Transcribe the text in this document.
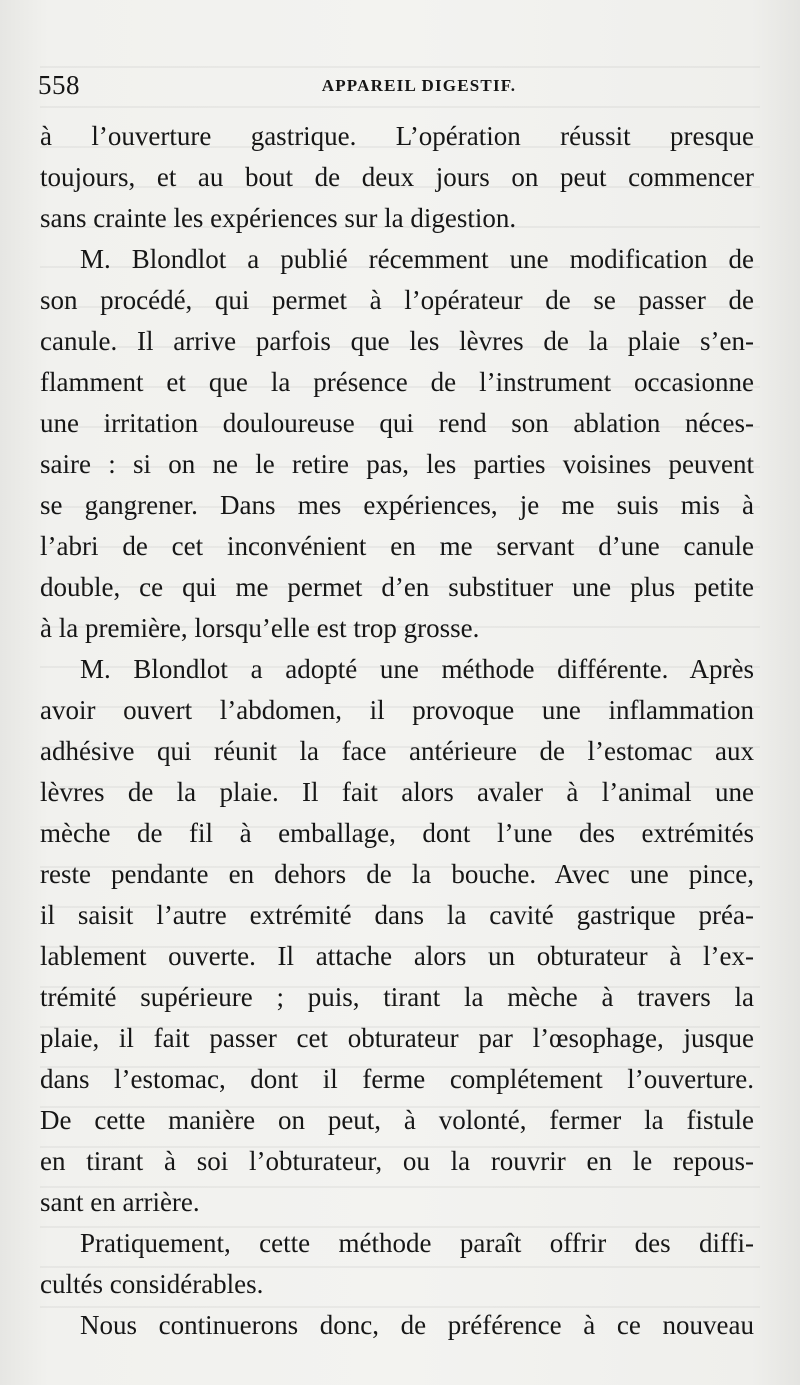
558	APPAREIL DIGESTIF.
à l’ouverture gastrique. L’opération réussit presque
toujours, et au bout de deux jours on peut commencer
sans crainte les expériences sur la digestion.
M. Blondlot a publié récemment une modification de
son procédé, qui permet à l’opérateur de se passer de
canule. Il arrive parfois que les lèvres de la plaie s’en-
flamment et que la présence de l’instrument occasionne
une irritation douloureuse qui rend son ablation néces-
saire : si on ne le retire pas, les parties voisines peuvent
se gangrener. Dans mes expériences, je me suis mis à
l’abri de cet inconvénient en me servant d’une canule
double, ce qui me permet d’en substituer une plus petite
à la première, lorsqu’elle est trop grosse.
M. Blondlot a adopté une méthode différente. Après
avoir ouvert l’abdomen, il provoque une inflammation
adhésive qui réunit la face antérieure de l’estomac aux
lèvres de la plaie. Il fait alors avaler à l’animal une
mèche de fil à emballage, dont l’une des extrémités
reste pendante en dehors de la bouche. Avec une pince,
il saisit l’autre extrémité dans la cavité gastrique préa-
lablement ouverte. Il attache alors un obturateur à l’ex-
trémité supérieure ; puis, tirant la mèche à travers la
plaie, il fait passer cet obturateur par l’œsophage, jusque
dans l’estomac, dont il ferme complétement l’ouverture.
De cette manière on peut, à volonté, fermer la fistule
en tirant à soi l’obturateur, ou la rouvrir en le repous-
sant en arrière.
Pratiquement, cette méthode paraît offrir des diffi-
cultés considérables.
Nous continuerons donc, de préférence à ce nouveau
